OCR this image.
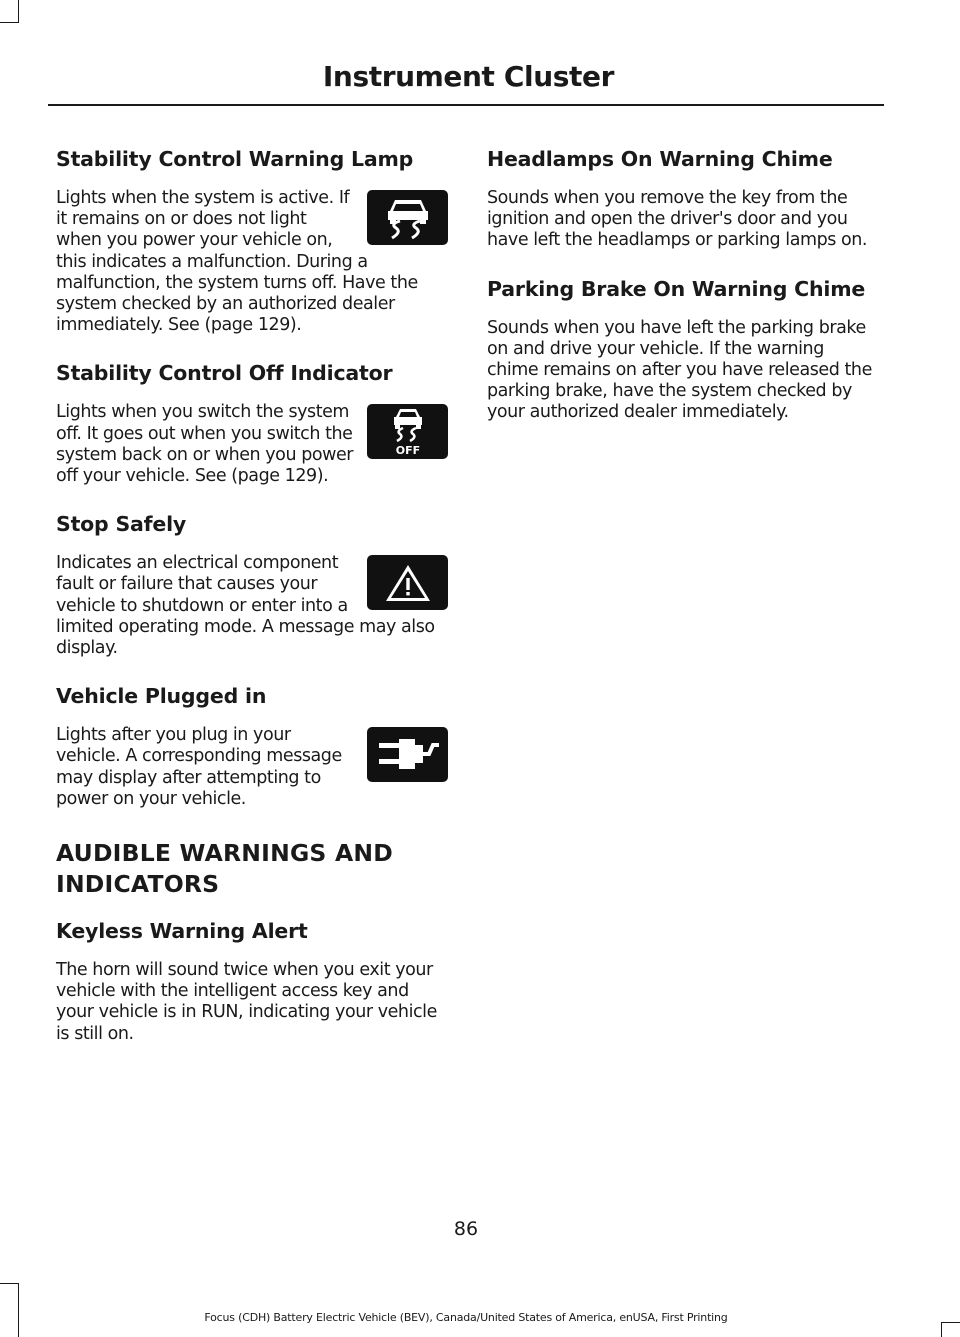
Instrument Cluster
Stability Control Warning Lamp

Lights when the system is active. If it remains on or does not light when you power your vehicle on, this indicates a malfunction. During a malfunction, the system turns off. Have the system checked by an authorized dealer immediately. See (page 129).

Stability Control Off Indicator
OFF

Lights when you switch the system off. It goes out when you switch the system back on or when you power off your vehicle. See (page 129).

Stop Safely

Indicates an electrical component fault or failure that causes your vehicle to shutdown or enter into a limited operating mode. A message may also display.

Vehicle Plugged in

Lights after you plug in your vehicle. A corresponding message may display after attempting to power on your vehicle.

AUDIBLE WARNINGS AND INDICATORS
Keyless Warning Alert

The horn will sound twice when you exit your vehicle with the intelligent access key and your vehicle is in RUN, indicating your vehicle is still on.

Headlamps On Warning Chime

Sounds when you remove the key from the ignition and open the driver's door and you have left the headlamps or parking lamps on.

Parking Brake On Warning Chime

Sounds when you have left the parking brake on and drive your vehicle. If the warning chime remains on after you have released the parking brake, have the system checked by your authorized dealer immediately.

86
Focus (CDH) Battery Electric Vehicle (BEV), Canada/United States of America, enUSA, First Printing
